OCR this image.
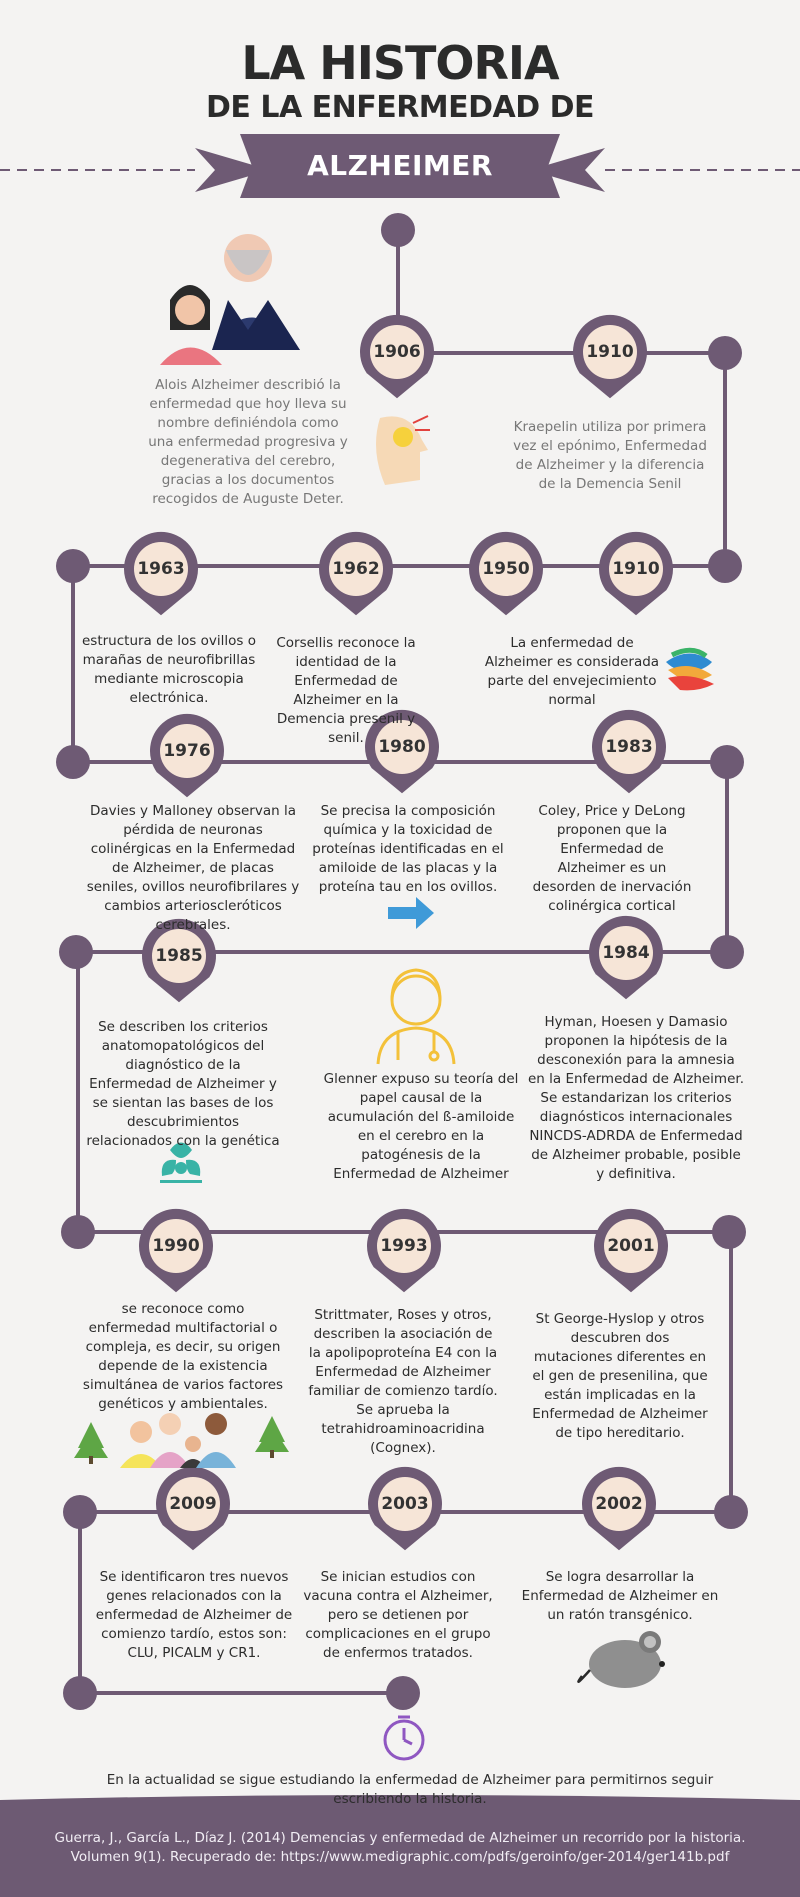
LA HISTORIA
DE LA ENFERMEDAD DE
ALZHEIMER
1906	1910
1910
1950
1962
1963
1976	1980	1983
1984
1985
1990	1993	2001
2002
2003
2009
Alois Alzheimer describió la enfermedad que hoy lleva su nombre definiéndola como una enfermedad progresiva y degenerativa del cerebro, gracias a los documentos recogidos de Auguste Deter.
Kraepelin utiliza por primera vez el epónimo, Enfermedad de Alzheimer y la diferencia de la Demencia Senil
La enfermedad de Alzheimer es considerada parte del envejecimiento normal
Corsellis reconoce la identidad de la Enfermedad de Alzheimer en la Demencia presenil y senil.
estructura de los ovillos o marañas de neurofibrillas mediante microscopia electrónica.
Davies y Malloney observan la pérdida de neuronas colinérgicas en la Enfermedad de Alzheimer, de placas seniles, ovillos neurofibrilares y cambios arterioscleróticos cerebrales.
Se precisa la composición química y la toxicidad de proteínas identificadas en el amiloide de las placas y la proteína tau en los ovillos.
Coley, Price y DeLong proponen que la Enfermedad de Alzheimer es un desorden de inervación colinérgica cortical
Hyman, Hoesen y Damasio proponen la hipótesis de la desconexión para la amnesia en la Enfermedad de Alzheimer. Se estandarizan los criterios diagnósticos internacionales NINCDS-ADRDA de Enfermedad de Alzheimer probable, posible y definitiva.
Glenner expuso su teoría del papel causal de la acumulación del ß-amiloide en el cerebro en la patogénesis de la Enfermedad de Alzheimer
Se describen los criterios anatomopatológicos del diagnóstico de la Enfermedad de Alzheimer y se sientan las bases de los descubrimientos relacionados con la genética
se reconoce como enfermedad multifactorial o compleja, es decir, su origen depende de la existencia simultánea de varios factores genéticos y ambientales.
Strittmater, Roses y otros, describen la asociación de la apolipoproteína E4 con la Enfermedad de Alzheimer familiar de comienzo tardío. Se aprueba la tetrahidroaminoacridina (Cognex).
St George-Hyslop y otros descubren dos mutaciones diferentes en el gen de presenilina, que están implicadas en la Enfermedad de Alzheimer de tipo hereditario.
Se logra desarrollar la Enfermedad de Alzheimer en un ratón transgénico.
Se inician estudios con vacuna contra el Alzheimer, pero se detienen por complicaciones en el grupo de enfermos tratados.
Se identificaron tres nuevos genes relacionados con la enfermedad de Alzheimer de comienzo tardío, estos son: CLU, PICALM y CR1.
En la actualidad se sigue estudiando la enfermedad de Alzheimer para permitirnos seguir escribiendo la historia.
Guerra, J., García L., Díaz J. (2014) Demencias y enfermedad de Alzheimer un recorrido por la historia. Volumen 9(1). Recuperado de: https://www.medigraphic.com/pdfs/geroinfo/ger-2014/ger141b.pdf
